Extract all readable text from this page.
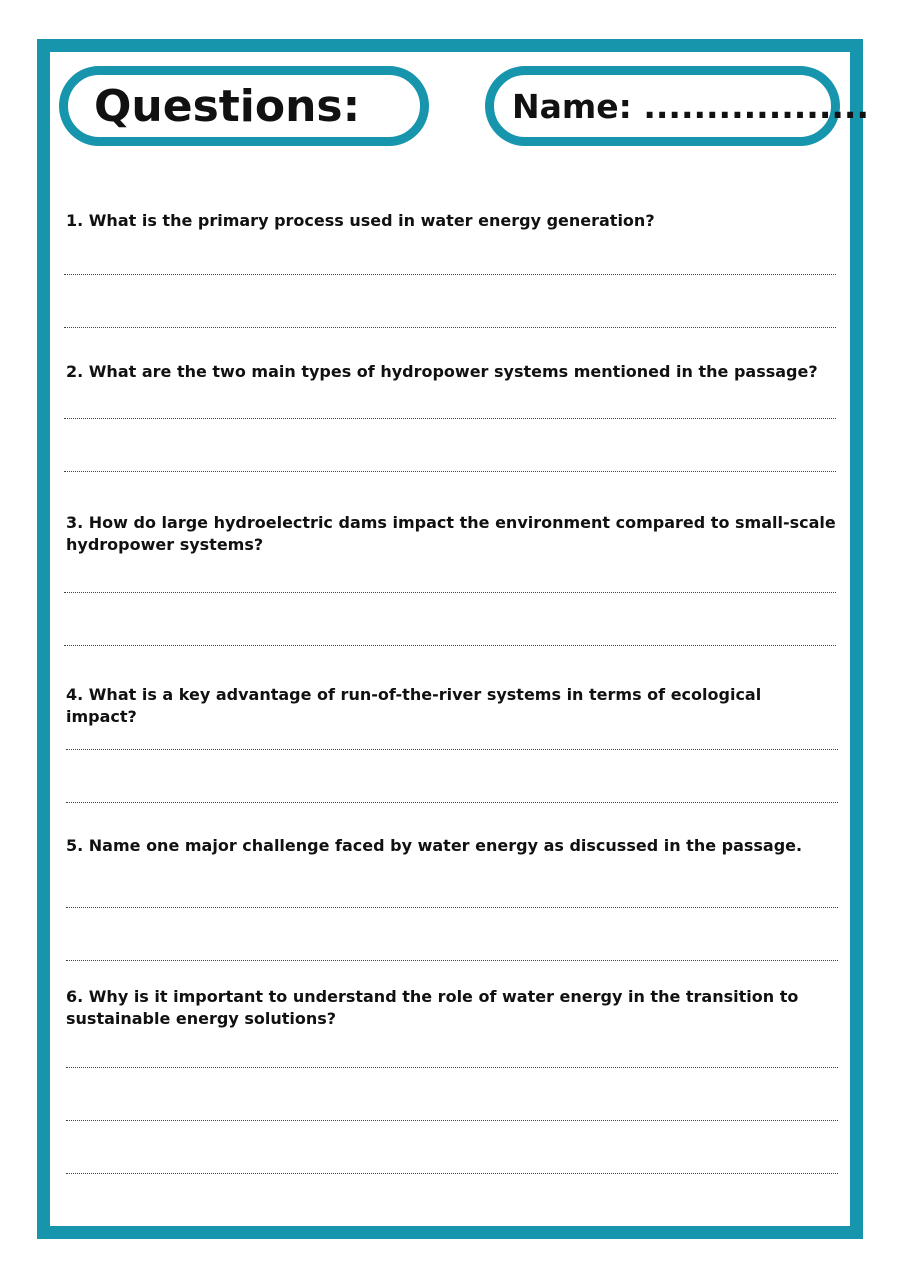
Questions:	Name: ..................
1. What is the primary process used in water energy generation?
2. What are the two main types of hydropower systems mentioned in the passage?
3. How do large hydroelectric dams impact the environment compared to small-scale hydropower systems?
4. What is a key advantage of run-of-the-river systems in terms of ecological impact?
5. Name one major challenge faced by water energy as discussed in the passage.
6. Why is it important to understand the role of water energy in the transition to sustainable energy solutions?
